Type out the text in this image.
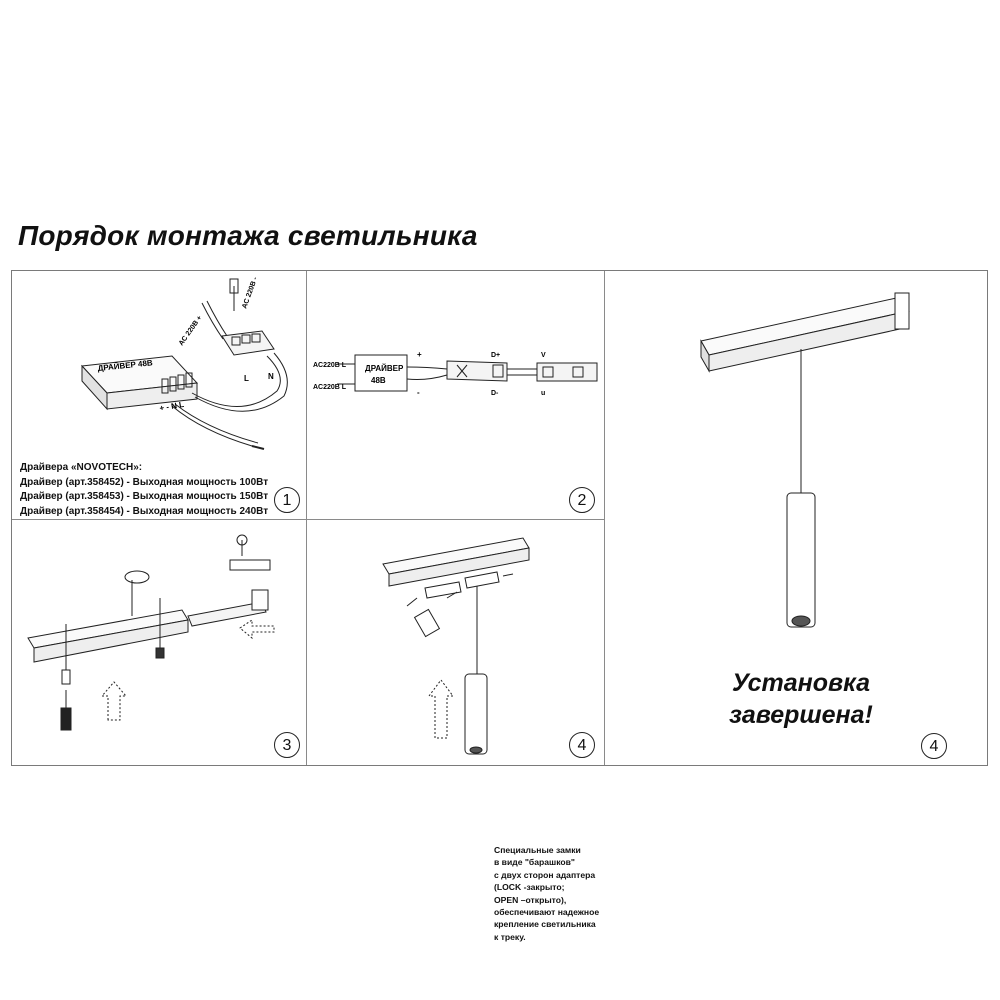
Порядок монтажа светильника
ДРАЙВЕР 48В
AC 220В +
AC 220В -
L N
+ - N L
Драйвера «NOVOTECH»:
Драйвер (арт.358452) - Выходная мощность 100Вт
Драйвер (арт.358453) - Выходная мощность 150Вт
Драйвер (арт.358454) - Выходная мощность 240Вт
1
AC220В L
AC220В L
ДРАЙВЕР
48В
+
-
D+
D-
V
u
2
3
Специальные замки
в виде "барашков"
с двух сторон адаптера
(LOCK -закрыто;
OPEN –открыто),
обеспечивают надежное
крепление светильника
к треку.
4
Установка
завершена!
4
